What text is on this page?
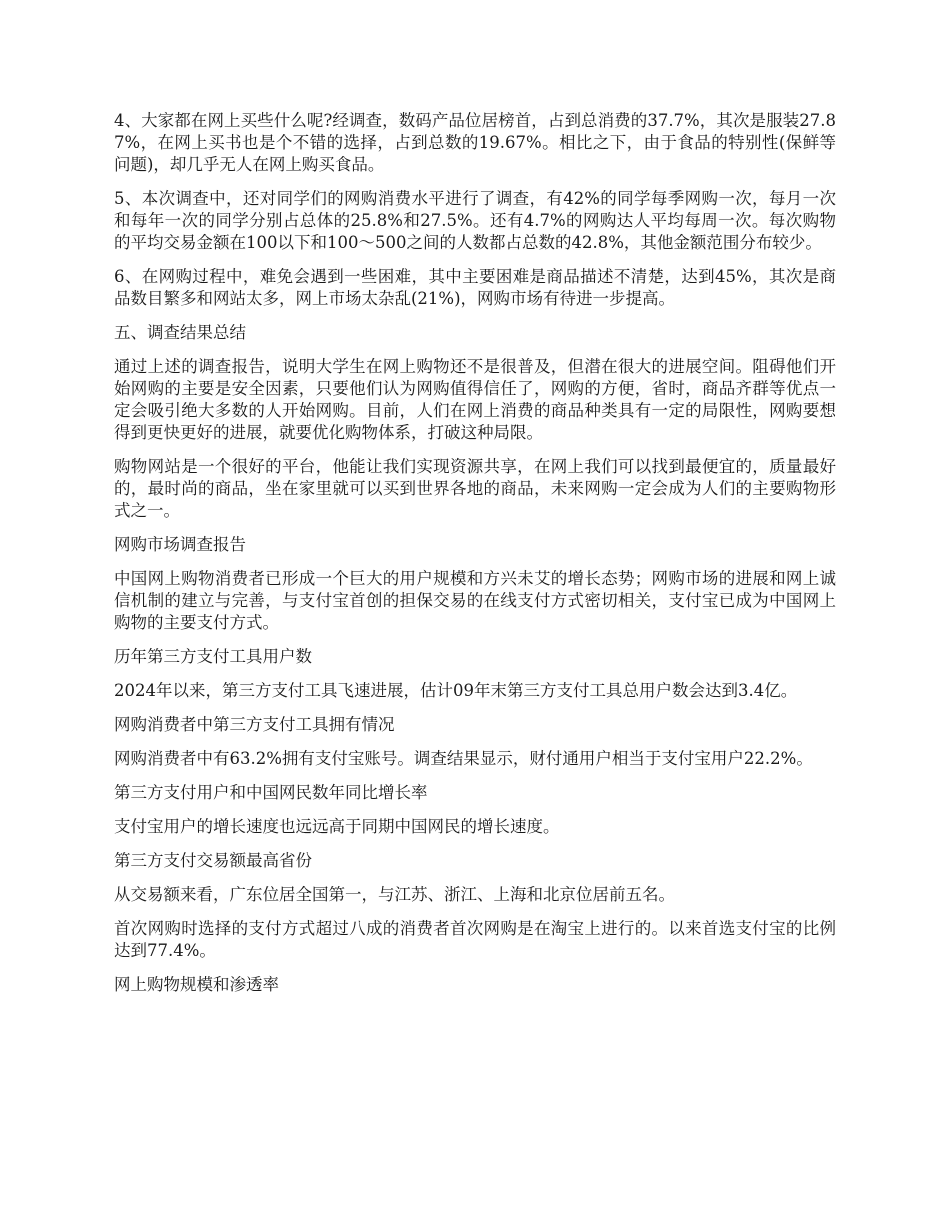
4、大家都在网上买些什么呢?经调查，数码产品位居榜首，占到总消费的37.7%，其次是服装27.87%，在网上买书也是个不错的选择，占到总数的19.67%。相比之下，由于食品的特别性(保鲜等问题)，却几乎无人在网上购买食品。

5、本次调查中，还对同学们的网购消费水平进行了调查，有42%的同学每季网购一次，每月一次和每年一次的同学分别占总体的25.8%和27.5%。还有4.7%的网购达人平均每周一次。每次购物的平均交易金额在100以下和100～500之间的人数都占总数的42.8%，其他金额范围分布较少。

6、在网购过程中，难免会遇到一些困难，其中主要困难是商品描述不清楚，达到45%，其次是商品数目繁多和网站太多，网上市场太杂乱(21%)，网购市场有待进一步提高。

五、调查结果总结

通过上述的调查报告，说明大学生在网上购物还不是很普及，但潜在很大的进展空间。阻碍他们开始网购的主要是安全因素，只要他们认为网购值得信任了，网购的方便，省时，商品齐群等优点一定会吸引绝大多数的人开始网购。目前，人们在网上消费的商品种类具有一定的局限性，网购要想得到更快更好的进展，就要优化购物体系，打破这种局限。

购物网站是一个很好的平台，他能让我们实现资源共享，在网上我们可以找到最便宜的，质量最好的，最时尚的商品，坐在家里就可以买到世界各地的商品，未来网购一定会成为人们的主要购物形式之一。

网购市场调查报告

中国网上购物消费者已形成一个巨大的用户规模和方兴未艾的增长态势；网购市场的进展和网上诚信机制的建立与完善，与支付宝首创的担保交易的在线支付方式密切相关，支付宝已成为中国网上购物的主要支付方式。

历年第三方支付工具用户数

2024年以来，第三方支付工具飞速进展，估计09年末第三方支付工具总用户数会达到3.4亿。

网购消费者中第三方支付工具拥有情况

网购消费者中有63.2%拥有支付宝账号。调查结果显示，财付通用户相当于支付宝用户22.2%。

第三方支付用户和中国网民数年同比增长率

支付宝用户的增长速度也远远高于同期中国网民的增长速度。

第三方支付交易额最高省份

从交易额来看，广东位居全国第一，与江苏、浙江、上海和北京位居前五名。

首次网购时选择的支付方式超过八成的消费者首次网购是在淘宝上进行的。以来首选支付宝的比例达到77.4%。

网上购物规模和渗透率
